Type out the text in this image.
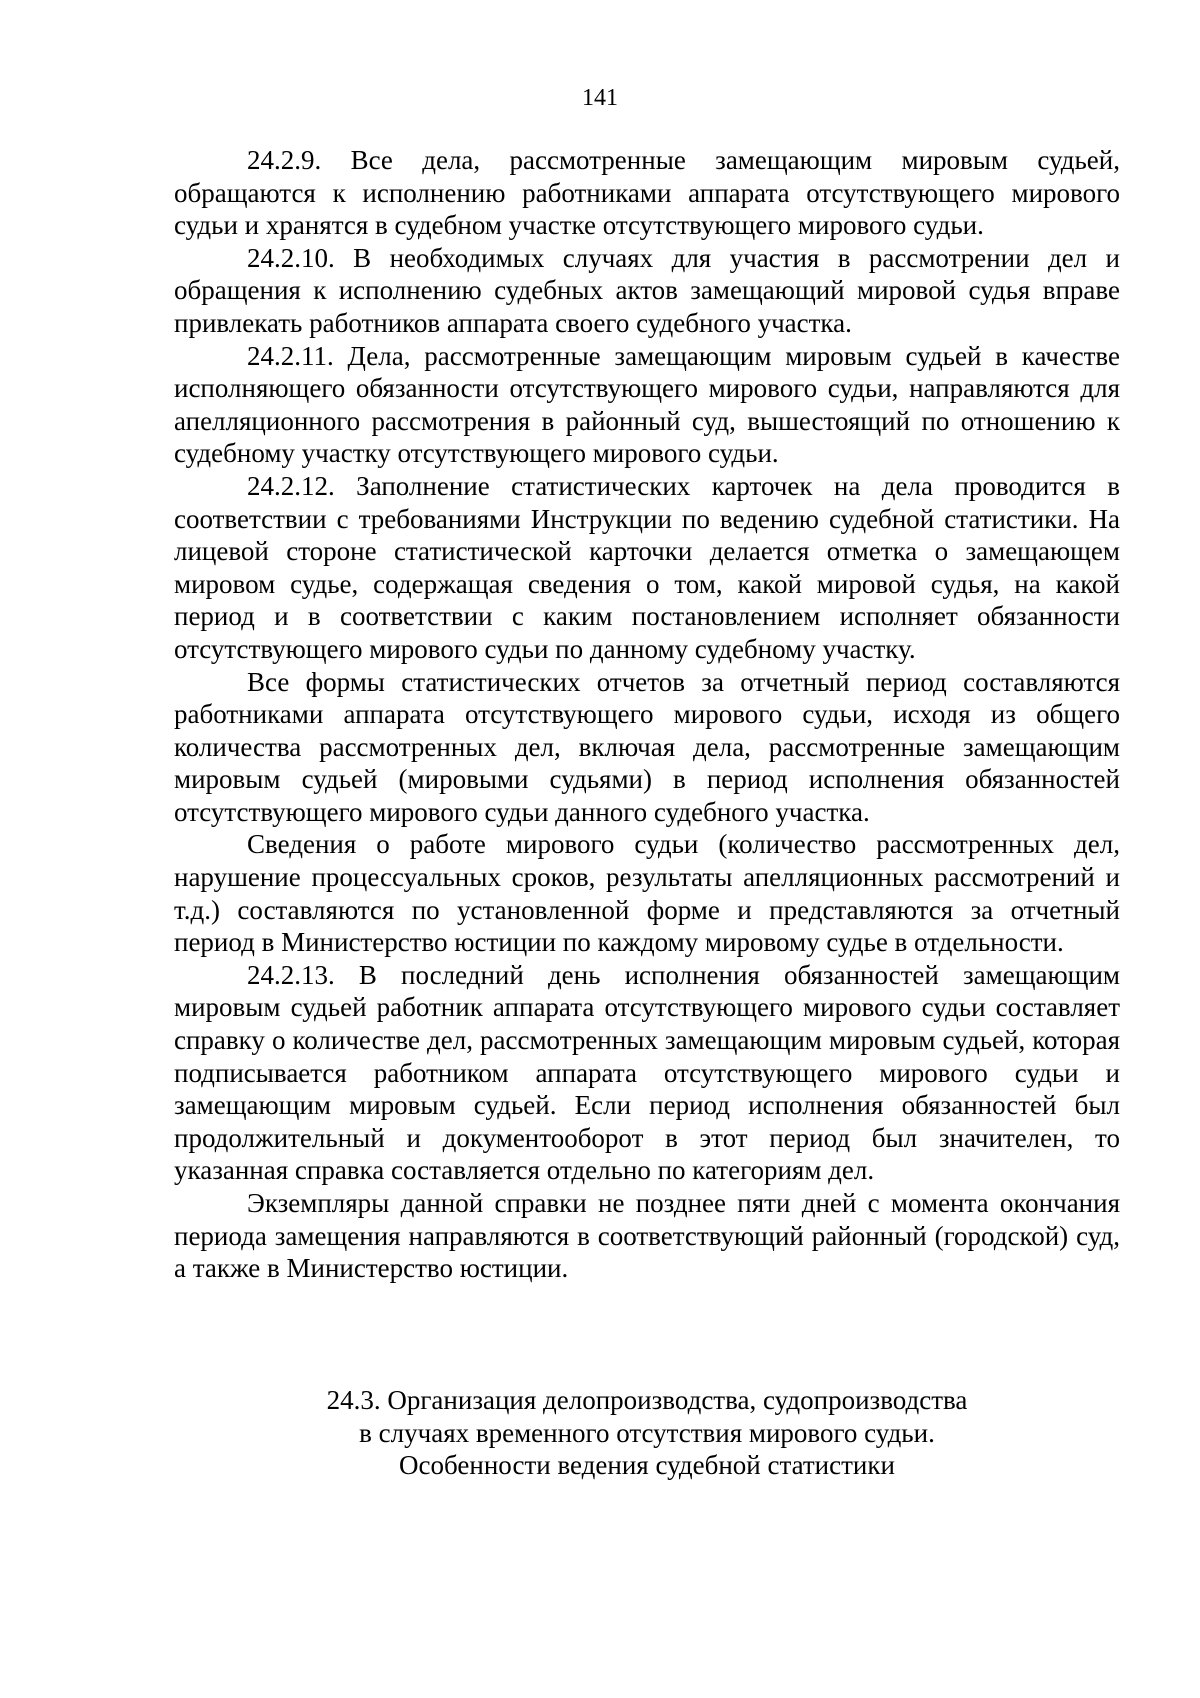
141

24.2.9. Все дела, рассмотренные замещающим мировым судьей, обращаются к исполнению работниками аппарата отсутствующего мирового судьи и хранятся в судебном участке отсутствующего мирового судьи.

24.2.10. В необходимых случаях для участия в рассмотрении дел и обращения к исполнению судебных актов замещающий мировой судья вправе привлекать работников аппарата своего судебного участка.

24.2.11. Дела, рассмотренные замещающим мировым судьей в качестве исполняющего обязанности отсутствующего мирового судьи, направляются для апелляционного рассмотрения в районный суд, вышестоящий по отношению к судебному участку отсутствующего мирового судьи.

24.2.12. Заполнение статистических карточек на дела проводится в соответствии с требованиями Инструкции по ведению судебной статистики. На лицевой стороне статистической карточки делается отметка о замещающем мировом судье, содержащая сведения о том, какой мировой судья, на какой период и в соответствии с каким постановлением исполняет обязанности отсутствующего мирового судьи по данному судебному участку.

Все формы статистических отчетов за отчетный период составляются работниками аппарата отсутствующего мирового судьи, исходя из общего количества рассмотренных дел, включая дела, рассмотренные замещающим мировым судьей (мировыми судьями) в период исполнения обязанностей отсутствующего мирового судьи данного судебного участка.

Сведения о работе мирового судьи (количество рассмотренных дел, нарушение процессуальных сроков, результаты апелляционных рассмотрений и т.д.) составляются по установленной форме и представляются за отчетный период в Министерство юстиции по каждому мировому судье в отдельности.

24.2.13. В последний день исполнения обязанностей замещающим мировым судьей работник аппарата отсутствующего мирового судьи составляет справку о количестве дел, рассмотренных замещающим мировым судьей, которая подписывается работником аппарата отсутствующего мирового судьи и замещающим мировым судьей. Если период исполнения обязанностей был продолжительный и документооборот в этот период был значителен, то указанная справка составляется отдельно по категориям дел.

Экземпляры данной справки не позднее пяти дней с момента окончания периода замещения направляются в соответствующий районный (городской) суд, а также в Министерство юстиции.

24.3. Организация делопроизводства, судопроизводства
в случаях временного отсутствия мирового судьи.
Особенности ведения судебной статистики
